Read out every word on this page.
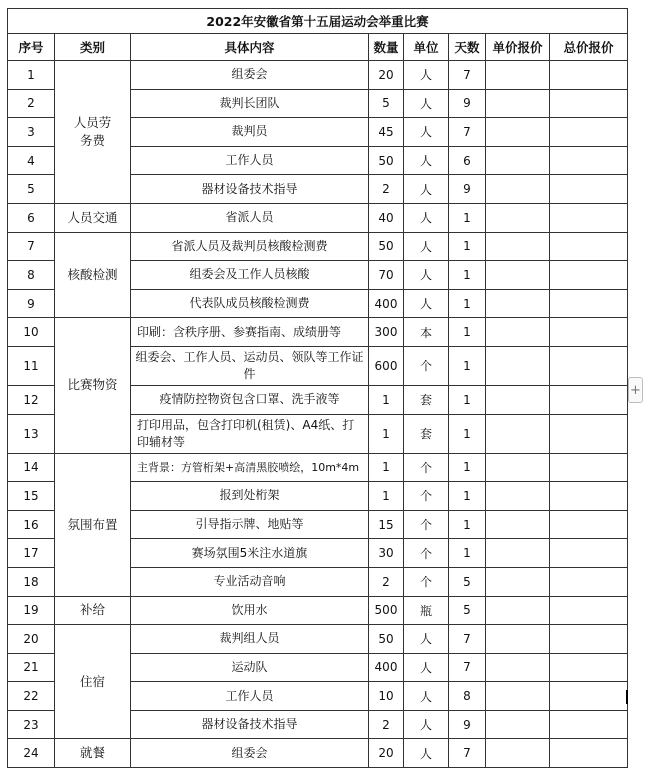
2022年安徽省第十五届运动会举重比赛							
序号	类别	具体内容	数量	单位	天数	单价报价	总价报价
1	人员劳务费	组委会	20	人	7		
2		裁判长团队	5	人	9		
3		裁判员	45	人	7		
4		工作人员	50	人	6		
5		器材设备技术指导	2	人	9		
6	人员交通	省派人员	40	人	1		
7	核酸检测	省派人员及裁判员核酸检测费	50	人	1		
8		组委会及工作人员核酸	70	人	1		
9		代表队成员核酸检测费	400	人	1		
10	比赛物资	印刷：含秩序册、参赛指南、成绩册等	300	本	1		
11		组委会、工作人员、运动员、领队等工作证件	600	个	1		
12		疫情防控物资包含口罩、洗手液等	1	套	1		
13		打印用品，包含打印机(租赁)、A4纸、打印辅材等	1	套	1		
14	氛围布置	主背景：方管桁架+高清黑胶喷绘，10m*4m	1	个	1		
15		报到处桁架	1	个	1		
16		引导指示牌、地贴等	15	个	1		
17		赛场氛围5米注水道旗	30	个	1		
18		专业活动音响	2	个	5		
19	补给	饮用水	500	瓶	5		
20	住宿	裁判组人员	50	人	7		
21		运动队	400	人	7		
22		工作人员	10	人	8		
23		器材设备技术指导	2	人	9		
24	就餐	组委会	20	人	7		
+
